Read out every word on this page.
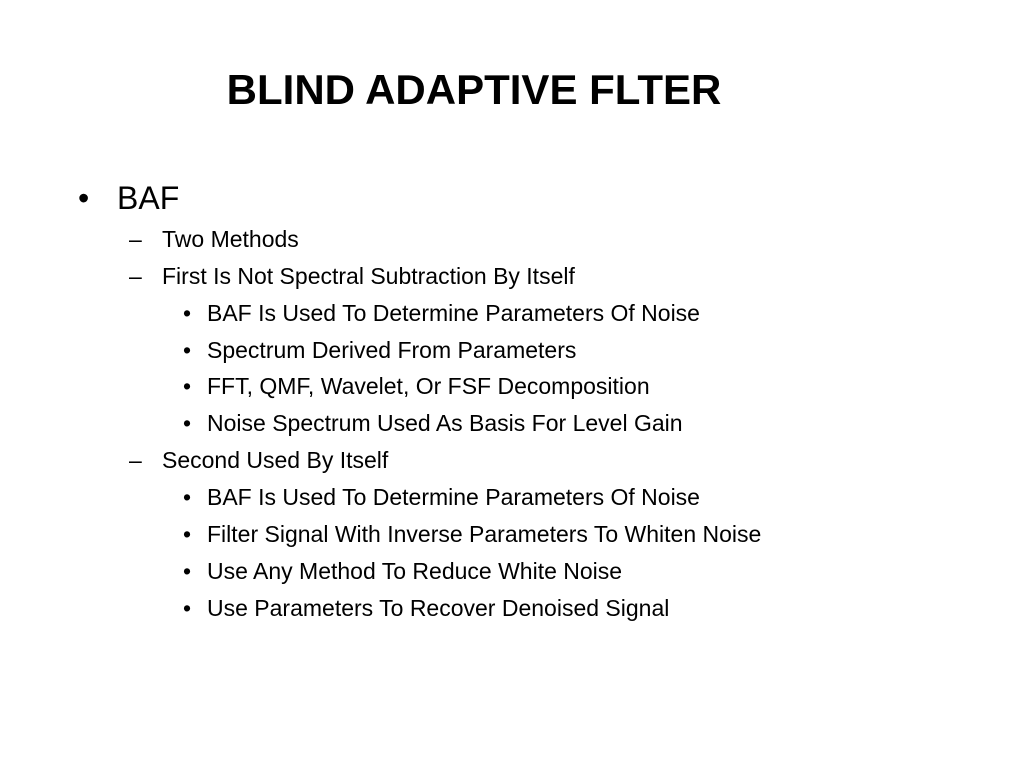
BLIND ADAPTIVE FLTER
• BAF
– Two Methods
– First Is Not Spectral Subtraction By Itself
• BAF Is Used To Determine Parameters Of Noise
• Spectrum Derived From Parameters
• FFT, QMF, Wavelet, Or FSF Decomposition
• Noise Spectrum Used As Basis For Level Gain
– Second Used By Itself
• BAF Is Used To Determine Parameters Of Noise
• Filter Signal With Inverse Parameters To Whiten Noise
• Use Any Method To Reduce White Noise
• Use Parameters To Recover Denoised Signal
